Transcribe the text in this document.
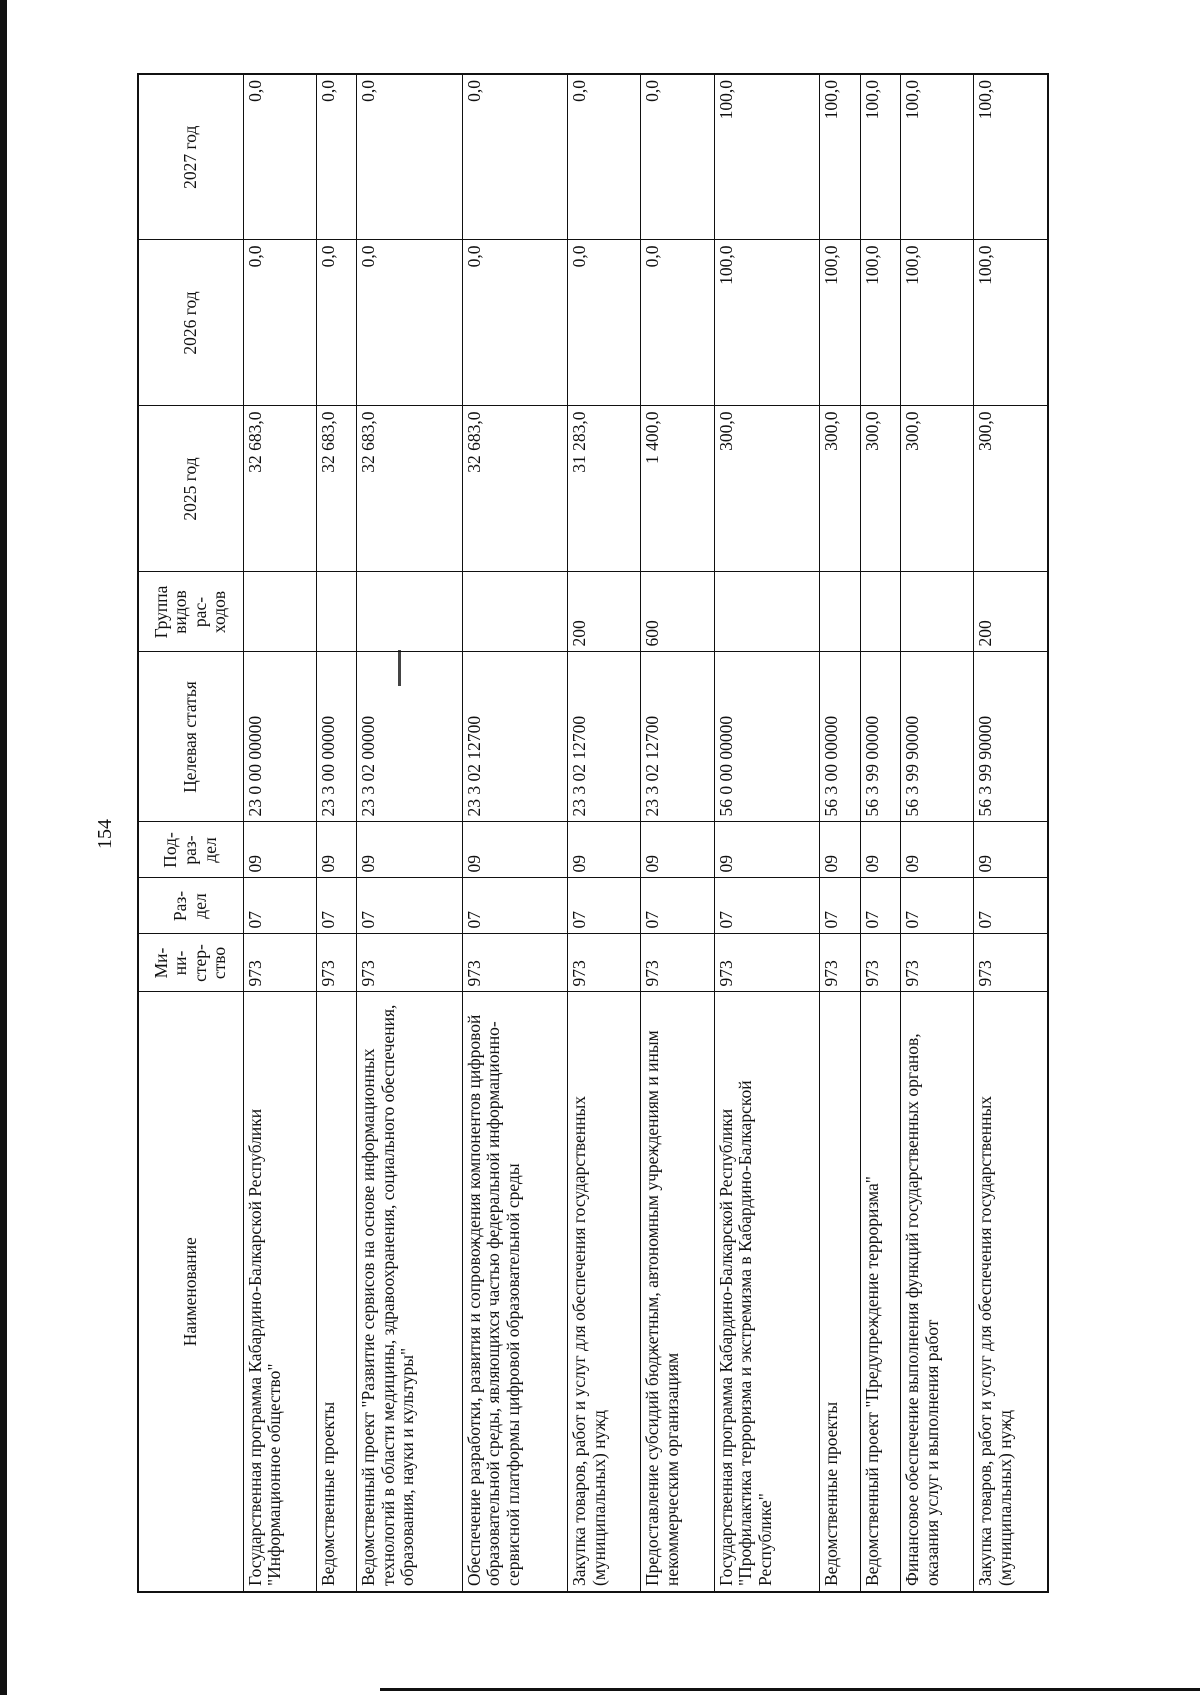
154
Наименование	Ми-ни-стер-ство	Раз-дел	Под-раз-дел	Целевая статья	Группа видов рас-ходов	2025 год	2026 год	2027 год
Государственная программа Кабардино-Балкарской Республики "Информационное общество"	973	07	09	23 0 00 00000		32 683,0	0,0	0,0
Ведомственные проекты	973	07	09	23 3 00 00000		32 683,0	0,0	0,0
Ведомственный проект "Развитие сервисов на основе информационных технологий в области медицины, здравоохранения, социального обеспечения, образования, науки и культуры"	973	07	09	23 3 02 00000		32 683,0	0,0	0,0
Обеспечение разработки, развития и сопровождения компонентов цифровой образовательной среды, являющихся частью федеральной информационно-сервисной платформы цифровой образовательной среды	973	07	09	23 3 02 12700		32 683,0	0,0	0,0
Закупка товаров, работ и услуг для обеспечения государственных (муниципальных) нужд	973	07	09	23 3 02 12700	200	31 283,0	0,0	0,0
Предоставление субсидий бюджетным, автономным учреждениям и иным некоммерческим организациям	973	07	09	23 3 02 12700	600	1 400,0	0,0	0,0
Государственная программа Кабардино-Балкарской Республики "Профилактика терроризма и экстремизма в Кабардино-Балкарской Республике"	973	07	09	56 0 00 00000		300,0	100,0	100,0
Ведомственные проекты	973	07	09	56 3 00 00000		300,0	100,0	100,0
Ведомственный проект "Предупреждение терроризма"	973	07	09	56 3 99 00000		300,0	100,0	100,0
Финансовое обеспечение выполнения функций государственных органов, оказания услуг и выполнения работ	973	07	09	56 3 99 90000		300,0	100,0	100,0
Закупка товаров, работ и услуг для обеспечения государственных (муниципальных) нужд	973	07	09	56 3 99 90000	200	300,0	100,0	100,0
